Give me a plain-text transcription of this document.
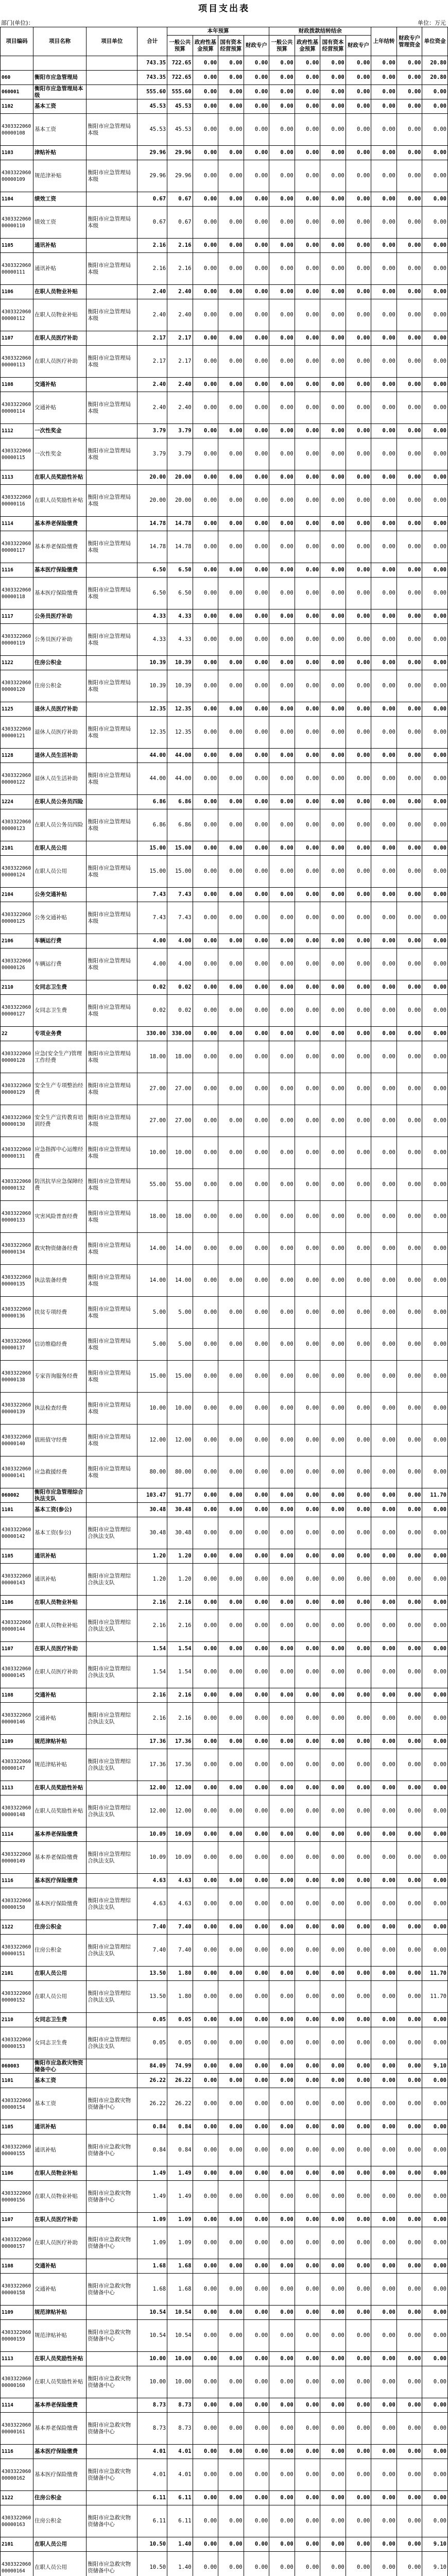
项目支出表
部门(单位)：	单位：万元
项目编码	项目名称	项目单位	合计	本年预算				财政拨款结转结余				上年结转	财政专户管理资金	单位资金
				一般公共预算	政府性基金预算	国有资本经营预算	财政专户	一般公共预算	政府性基金预算	国有资本经营预算	财政专户			
			743.35	722.65	0.00	0.00	0.00	0.00	0.00	0.00	0.00	0.00	0.00	20.80
060	衡阳市应急管理局		743.35	722.65	0.00	0.00	0.00	0.00	0.00	0.00	0.00	0.00	0.00	20.80
060001	衡阳市应急管理局本级		555.60	555.60	0.00	0.00	0.00	0.00	0.00	0.00	0.00	0.00	0.00	0.00
1102	基本工资		45.53	45.53	0.00	0.00	0.00	0.00	0.00	0.00	0.00	0.00	0.00	0.00
430332206000000108	基本工资	衡阳市应急管理局本级	45.53	45.53	0.00	0.00	0.00	0.00	0.00	0.00	0.00	0.00	0.00	0.00
1103	津贴补贴		29.96	29.96	0.00	0.00	0.00	0.00	0.00	0.00	0.00	0.00	0.00	0.00
430332206000000109	规范津补贴	衡阳市应急管理局本级	29.96	29.96	0.00	0.00	0.00	0.00	0.00	0.00	0.00	0.00	0.00	0.00
1104	绩效工资		0.67	0.67	0.00	0.00	0.00	0.00	0.00	0.00	0.00	0.00	0.00	0.00
430332206000000110	绩效工资	衡阳市应急管理局本级	0.67	0.67	0.00	0.00	0.00	0.00	0.00	0.00	0.00	0.00	0.00	0.00
1105	通讯补贴		2.16	2.16	0.00	0.00	0.00	0.00	0.00	0.00	0.00	0.00	0.00	0.00
430332206000000111	通讯补贴	衡阳市应急管理局本级	2.16	2.16	0.00	0.00	0.00	0.00	0.00	0.00	0.00	0.00	0.00	0.00
1106	在职人员物业补贴		2.40	2.40	0.00	0.00	0.00	0.00	0.00	0.00	0.00	0.00	0.00	0.00
430332206000000112	在职人员物业补贴	衡阳市应急管理局本级	2.40	2.40	0.00	0.00	0.00	0.00	0.00	0.00	0.00	0.00	0.00	0.00
1107	在职人员医疗补助		2.17	2.17	0.00	0.00	0.00	0.00	0.00	0.00	0.00	0.00	0.00	0.00
430332206000000113	在职人员医疗补助	衡阳市应急管理局本级	2.17	2.17	0.00	0.00	0.00	0.00	0.00	0.00	0.00	0.00	0.00	0.00
1108	交通补贴		2.40	2.40	0.00	0.00	0.00	0.00	0.00	0.00	0.00	0.00	0.00	0.00
430332206000000114	交通补贴	衡阳市应急管理局本级	2.40	2.40	0.00	0.00	0.00	0.00	0.00	0.00	0.00	0.00	0.00	0.00
1112	一次性奖金		3.79	3.79	0.00	0.00	0.00	0.00	0.00	0.00	0.00	0.00	0.00	0.00
430332206000000115	一次性奖金	衡阳市应急管理局本级	3.79	3.79	0.00	0.00	0.00	0.00	0.00	0.00	0.00	0.00	0.00	0.00
1113	在职人员奖励性补贴		20.00	20.00	0.00	0.00	0.00	0.00	0.00	0.00	0.00	0.00	0.00	0.00
430332206000000116	在职人员奖励性补贴	衡阳市应急管理局本级	20.00	20.00	0.00	0.00	0.00	0.00	0.00	0.00	0.00	0.00	0.00	0.00
1114	基本养老保险缴费		14.78	14.78	0.00	0.00	0.00	0.00	0.00	0.00	0.00	0.00	0.00	0.00
430332206000000117	基本养老保险缴费	衡阳市应急管理局本级	14.78	14.78	0.00	0.00	0.00	0.00	0.00	0.00	0.00	0.00	0.00	0.00
1116	基本医疗保险缴费		6.50	6.50	0.00	0.00	0.00	0.00	0.00	0.00	0.00	0.00	0.00	0.00
430332206000000118	基本医疗保险缴费	衡阳市应急管理局本级	6.50	6.50	0.00	0.00	0.00	0.00	0.00	0.00	0.00	0.00	0.00	0.00
1117	公务员医疗补助		4.33	4.33	0.00	0.00	0.00	0.00	0.00	0.00	0.00	0.00	0.00	0.00
430332206000000119	公务员医疗补助	衡阳市应急管理局本级	4.33	4.33	0.00	0.00	0.00	0.00	0.00	0.00	0.00	0.00	0.00	0.00
1122	住房公积金		10.39	10.39	0.00	0.00	0.00	0.00	0.00	0.00	0.00	0.00	0.00	0.00
430332206000000120	住房公积金	衡阳市应急管理局本级	10.39	10.39	0.00	0.00	0.00	0.00	0.00	0.00	0.00	0.00	0.00	0.00
1125	退休人员医疗补助		12.35	12.35	0.00	0.00	0.00	0.00	0.00	0.00	0.00	0.00	0.00	0.00
430332206000000121	退休人员医疗补助	衡阳市应急管理局本级	12.35	12.35	0.00	0.00	0.00	0.00	0.00	0.00	0.00	0.00	0.00	0.00
1128	退休人员生活补助		44.00	44.00	0.00	0.00	0.00	0.00	0.00	0.00	0.00	0.00	0.00	0.00
430332206000000122	退休人员生活补助	衡阳市应急管理局本级	44.00	44.00	0.00	0.00	0.00	0.00	0.00	0.00	0.00	0.00	0.00	0.00
1224	在职人员公务员四险		6.86	6.86	0.00	0.00	0.00	0.00	0.00	0.00	0.00	0.00	0.00	0.00
430332206000000123	在职人员公务员四险	衡阳市应急管理局本级	6.86	6.86	0.00	0.00	0.00	0.00	0.00	0.00	0.00	0.00	0.00	0.00
2101	在职人员公用		15.00	15.00	0.00	0.00	0.00	0.00	0.00	0.00	0.00	0.00	0.00	0.00
430332206000000124	在职人员公用	衡阳市应急管理局本级	15.00	15.00	0.00	0.00	0.00	0.00	0.00	0.00	0.00	0.00	0.00	0.00
2104	公务交通补贴		7.43	7.43	0.00	0.00	0.00	0.00	0.00	0.00	0.00	0.00	0.00	0.00
430332206000000125	公务交通补贴	衡阳市应急管理局本级	7.43	7.43	0.00	0.00	0.00	0.00	0.00	0.00	0.00	0.00	0.00	0.00
2106	车辆运行费		4.00	4.00	0.00	0.00	0.00	0.00	0.00	0.00	0.00	0.00	0.00	0.00
430332206000000126	车辆运行费	衡阳市应急管理局本级	4.00	4.00	0.00	0.00	0.00	0.00	0.00	0.00	0.00	0.00	0.00	0.00
2110	女同志卫生费		0.02	0.02	0.00	0.00	0.00	0.00	0.00	0.00	0.00	0.00	0.00	0.00
430332206000000127	女同志卫生费	衡阳市应急管理局本级	0.02	0.02	0.00	0.00	0.00	0.00	0.00	0.00	0.00	0.00	0.00	0.00
22	专项业务费		330.00	330.00	0.00	0.00	0.00	0.00	0.00	0.00	0.00	0.00	0.00	0.00
430332206000000128	应急(安全生产)管理工作经费	衡阳市应急管理局本级	18.00	18.00	0.00	0.00	0.00	0.00	0.00	0.00	0.00	0.00	0.00	0.00
430332206000000129	安全生产专项整治经费	衡阳市应急管理局本级	27.00	27.00	0.00	0.00	0.00	0.00	0.00	0.00	0.00	0.00	0.00	0.00
430332206000000130	安全生产宣传教育培训经费	衡阳市应急管理局本级	27.00	27.00	0.00	0.00	0.00	0.00	0.00	0.00	0.00	0.00	0.00	0.00
430332206000000131	应急指挥中心运维经费	衡阳市应急管理局本级	10.00	10.00	0.00	0.00	0.00	0.00	0.00	0.00	0.00	0.00	0.00	0.00
430332206000000132	防汛抗旱应急保障经费	衡阳市应急管理局本级	55.00	55.00	0.00	0.00	0.00	0.00	0.00	0.00	0.00	0.00	0.00	0.00
430332206000000133	灾害风险普查经费	衡阳市应急管理局本级	18.00	18.00	0.00	0.00	0.00	0.00	0.00	0.00	0.00	0.00	0.00	0.00
430332206000000134	救灾物资储备经费	衡阳市应急管理局本级	14.00	14.00	0.00	0.00	0.00	0.00	0.00	0.00	0.00	0.00	0.00	0.00
430332206000000135	执法装备经费	衡阳市应急管理局本级	14.00	14.00	0.00	0.00	0.00	0.00	0.00	0.00	0.00	0.00	0.00	0.00
430332206000000136	扶贫专项经费	衡阳市应急管理局本级	5.00	5.00	0.00	0.00	0.00	0.00	0.00	0.00	0.00	0.00	0.00	0.00
430332206000000137	信访维稳经费	衡阳市应急管理局本级	5.00	5.00	0.00	0.00	0.00	0.00	0.00	0.00	0.00	0.00	0.00	0.00
430332206000000138	专家咨询服务经费	衡阳市应急管理局本级	15.00	15.00	0.00	0.00	0.00	0.00	0.00	0.00	0.00	0.00	0.00	0.00
430332206000000139	执法检查经费	衡阳市应急管理局本级	10.00	10.00	0.00	0.00	0.00	0.00	0.00	0.00	0.00	0.00	0.00	0.00
430332206000000140	值班值守经费	衡阳市应急管理局本级	12.00	12.00	0.00	0.00	0.00	0.00	0.00	0.00	0.00	0.00	0.00	0.00
430332206000000141	应急救援经费	衡阳市应急管理局本级	80.00	80.00	0.00	0.00	0.00	0.00	0.00	0.00	0.00	0.00	0.00	0.00
060002	衡阳市应急管理综合执法支队		103.47	91.77	0.00	0.00	0.00	0.00	0.00	0.00	0.00	0.00	0.00	11.70
1101	基本工资(参公)		30.48	30.48	0.00	0.00	0.00	0.00	0.00	0.00	0.00	0.00	0.00	0.00
430332206000000142	基本工资(参公)	衡阳市应急管理综合执法支队	30.48	30.48	0.00	0.00	0.00	0.00	0.00	0.00	0.00	0.00	0.00	0.00
1105	通讯补贴		1.20	1.20	0.00	0.00	0.00	0.00	0.00	0.00	0.00	0.00	0.00	0.00
430332206000000143	通讯补贴	衡阳市应急管理综合执法支队	1.20	1.20	0.00	0.00	0.00	0.00	0.00	0.00	0.00	0.00	0.00	0.00
1106	在职人员物业补贴		2.16	2.16	0.00	0.00	0.00	0.00	0.00	0.00	0.00	0.00	0.00	0.00
430332206000000144	在职人员物业补贴	衡阳市应急管理综合执法支队	2.16	2.16	0.00	0.00	0.00	0.00	0.00	0.00	0.00	0.00	0.00	0.00
1107	在职人员医疗补助		1.54	1.54	0.00	0.00	0.00	0.00	0.00	0.00	0.00	0.00	0.00	0.00
430332206000000145	在职人员医疗补助	衡阳市应急管理综合执法支队	1.54	1.54	0.00	0.00	0.00	0.00	0.00	0.00	0.00	0.00	0.00	0.00
1108	交通补贴		2.16	2.16	0.00	0.00	0.00	0.00	0.00	0.00	0.00	0.00	0.00	0.00
430332206000000146	交通补贴	衡阳市应急管理综合执法支队	2.16	2.16	0.00	0.00	0.00	0.00	0.00	0.00	0.00	0.00	0.00	0.00
1109	规范津贴补贴		17.36	17.36	0.00	0.00	0.00	0.00	0.00	0.00	0.00	0.00	0.00	0.00
430332206000000147	规范津贴补贴	衡阳市应急管理综合执法支队	17.36	17.36	0.00	0.00	0.00	0.00	0.00	0.00	0.00	0.00	0.00	0.00
1113	在职人员奖励性补贴		12.00	12.00	0.00	0.00	0.00	0.00	0.00	0.00	0.00	0.00	0.00	0.00
430332206000000148	在职人员奖励性补贴	衡阳市应急管理综合执法支队	12.00	12.00	0.00	0.00	0.00	0.00	0.00	0.00	0.00	0.00	0.00	0.00
1114	基本养老保险缴费		10.09	10.09	0.00	0.00	0.00	0.00	0.00	0.00	0.00	0.00	0.00	0.00
430332206000000149	基本养老保险缴费	衡阳市应急管理综合执法支队	10.09	10.09	0.00	0.00	0.00	0.00	0.00	0.00	0.00	0.00	0.00	0.00
1116	基本医疗保险缴费		4.63	4.63	0.00	0.00	0.00	0.00	0.00	0.00	0.00	0.00	0.00	0.00
430332206000000150	基本医疗保险缴费	衡阳市应急管理综合执法支队	4.63	4.63	0.00	0.00	0.00	0.00	0.00	0.00	0.00	0.00	0.00	0.00
1122	住房公积金		7.40	7.40	0.00	0.00	0.00	0.00	0.00	0.00	0.00	0.00	0.00	0.00
430332206000000151	住房公积金	衡阳市应急管理综合执法支队	7.40	7.40	0.00	0.00	0.00	0.00	0.00	0.00	0.00	0.00	0.00	0.00
2101	在职人员公用		13.50	1.80	0.00	0.00	0.00	0.00	0.00	0.00	0.00	0.00	0.00	11.70
430332206000000152	在职人员公用	衡阳市应急管理综合执法支队	13.50	1.80	0.00	0.00	0.00	0.00	0.00	0.00	0.00	0.00	0.00	11.70
2110	女同志卫生费		0.05	0.05	0.00	0.00	0.00	0.00	0.00	0.00	0.00	0.00	0.00	0.00
430332206000000153	女同志卫生费	衡阳市应急管理综合执法支队	0.05	0.05	0.00	0.00	0.00	0.00	0.00	0.00	0.00	0.00	0.00	0.00
060003	衡阳市应急救灾物资储备中心		84.09	74.99	0.00	0.00	0.00	0.00	0.00	0.00	0.00	0.00	0.00	9.10
1101	基本工资		26.22	26.22	0.00	0.00	0.00	0.00	0.00	0.00	0.00	0.00	0.00	0.00
430332206000000154	基本工资	衡阳市应急救灾物资储备中心	26.22	26.22	0.00	0.00	0.00	0.00	0.00	0.00	0.00	0.00	0.00	0.00
1105	通讯补贴		0.84	0.84	0.00	0.00	0.00	0.00	0.00	0.00	0.00	0.00	0.00	0.00
430332206000000155	通讯补贴	衡阳市应急救灾物资储备中心	0.84	0.84	0.00	0.00	0.00	0.00	0.00	0.00	0.00	0.00	0.00	0.00
1106	在职人员物业补贴		1.49	1.49	0.00	0.00	0.00	0.00	0.00	0.00	0.00	0.00	0.00	0.00
430332206000000156	在职人员物业补贴	衡阳市应急救灾物资储备中心	1.49	1.49	0.00	0.00	0.00	0.00	0.00	0.00	0.00	0.00	0.00	0.00
1107	在职人员医疗补助		1.09	1.09	0.00	0.00	0.00	0.00	0.00	0.00	0.00	0.00	0.00	0.00
430332206000000157	在职人员医疗补助	衡阳市应急救灾物资储备中心	1.09	1.09	0.00	0.00	0.00	0.00	0.00	0.00	0.00	0.00	0.00	0.00
1108	交通补贴		1.68	1.68	0.00	0.00	0.00	0.00	0.00	0.00	0.00	0.00	0.00	0.00
430332206000000158	交通补贴	衡阳市应急救灾物资储备中心	1.68	1.68	0.00	0.00	0.00	0.00	0.00	0.00	0.00	0.00	0.00	0.00
1109	规范津贴补贴		10.54	10.54	0.00	0.00	0.00	0.00	0.00	0.00	0.00	0.00	0.00	0.00
430332206000000159	规范津贴补贴	衡阳市应急救灾物资储备中心	10.54	10.54	0.00	0.00	0.00	0.00	0.00	0.00	0.00	0.00	0.00	0.00
1113	在职人员奖励性补贴		10.00	10.00	0.00	0.00	0.00	0.00	0.00	0.00	0.00	0.00	0.00	0.00
430332206000000160	在职人员奖励性补贴	衡阳市应急救灾物资储备中心	10.00	10.00	0.00	0.00	0.00	0.00	0.00	0.00	0.00	0.00	0.00	0.00
1114	基本养老保险缴费		8.73	8.73	0.00	0.00	0.00	0.00	0.00	0.00	0.00	0.00	0.00	0.00
430332206000000161	基本养老保险缴费	衡阳市应急救灾物资储备中心	8.73	8.73	0.00	0.00	0.00	0.00	0.00	0.00	0.00	0.00	0.00	0.00
1116	基本医疗保险缴费		4.01	4.01	0.00	0.00	0.00	0.00	0.00	0.00	0.00	0.00	0.00	0.00
430332206000000162	基本医疗保险缴费	衡阳市应急救灾物资储备中心	4.01	4.01	0.00	0.00	0.00	0.00	0.00	0.00	0.00	0.00	0.00	0.00
1122	住房公积金		6.11	6.11	0.00	0.00	0.00	0.00	0.00	0.00	0.00	0.00	0.00	0.00
430332206000000163	住房公积金	衡阳市应急救灾物资储备中心	6.11	6.11	0.00	0.00	0.00	0.00	0.00	0.00	0.00	0.00	0.00	0.00
2101	在职人员公用		10.50	1.40	0.00	0.00	0.00	0.00	0.00	0.00	0.00	0.00	0.00	9.10
430332206000000164	在职人员公用	衡阳市应急救灾物资储备中心	10.50	1.40	0.00	0.00	0.00	0.00	0.00	0.00	0.00	0.00	0.00	9.10
